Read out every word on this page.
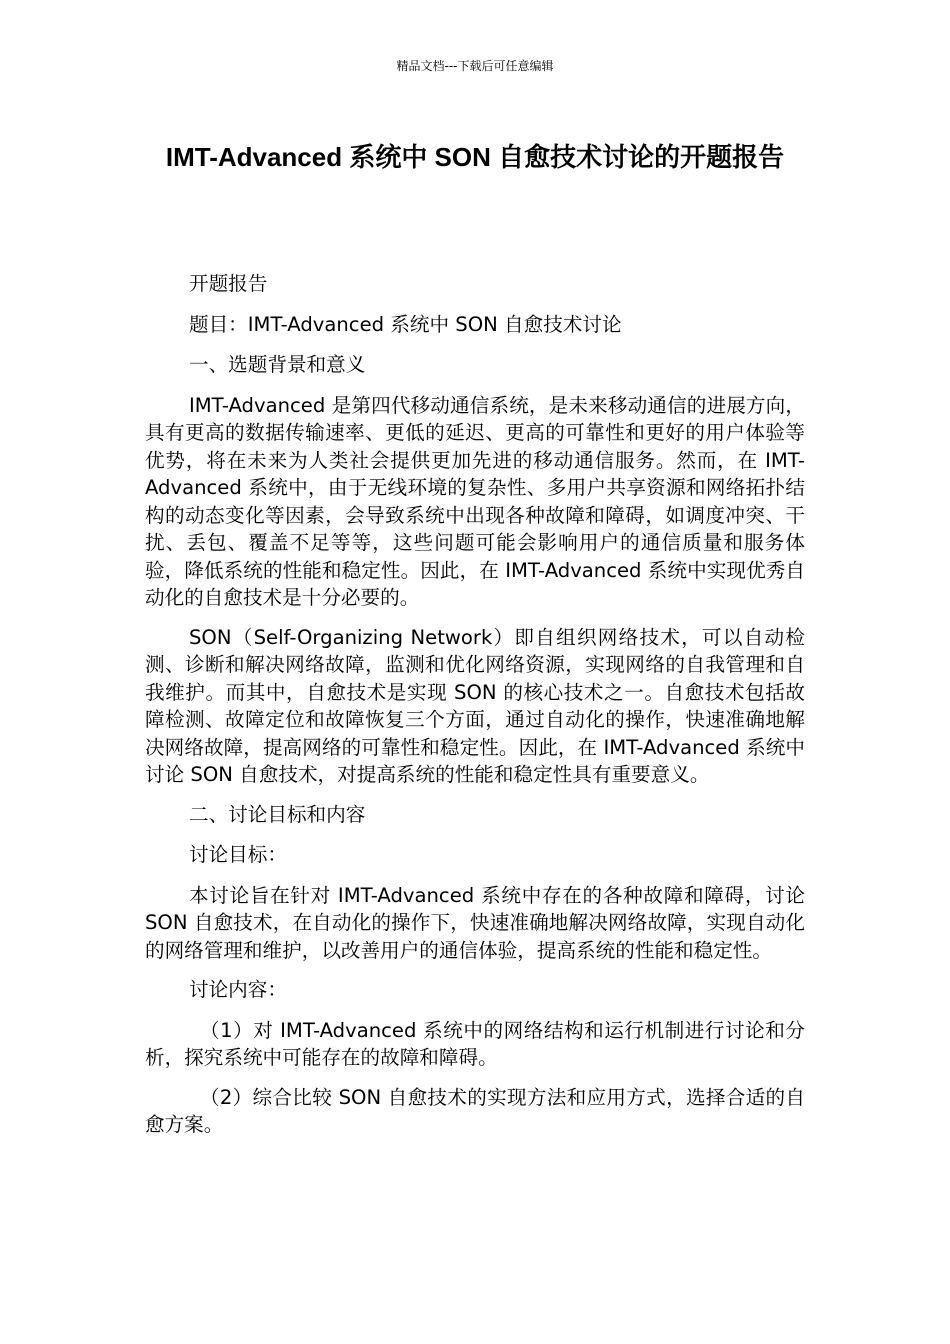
精品文档---下载后可任意编辑
IMT-Advanced 系统中 SON 自愈技术讨论的开题报告

开题报告

题目：IMT-Advanced 系统中 SON 自愈技术讨论

一、选题背景和意义

IMT-Advanced 是第四代移动通信系统，是未来移动通信的进展方向，具有更高的数据传输速率、更低的延迟、更高的可靠性和更好的用户体验等优势，将在未来为人类社会提供更加先进的移动通信服务。然而，在 IMT-Advanced 系统中，由于无线环境的复杂性、多用户共享资源和网络拓扑结构的动态变化等因素，会导致系统中出现各种故障和障碍，如调度冲突、干扰、丢包、覆盖不足等等，这些问题可能会影响用户的通信质量和服务体验，降低系统的性能和稳定性。因此，在 IMT-Advanced 系统中实现优秀自动化的自愈技术是十分必要的。

SON（Self-Organizing Network）即自组织网络技术，可以自动检测、诊断和解决网络故障，监测和优化网络资源，实现网络的自我管理和自我维护。而其中，自愈技术是实现 SON 的核心技术之一。自愈技术包括故障检测、故障定位和故障恢复三个方面，通过自动化的操作，快速准确地解决网络故障，提高网络的可靠性和稳定性。因此，在 IMT-Advanced 系统中讨论 SON 自愈技术，对提高系统的性能和稳定性具有重要意义。

二、讨论目标和内容

讨论目标：

本讨论旨在针对 IMT-Advanced 系统中存在的各种故障和障碍，讨论 SON 自愈技术，在自动化的操作下，快速准确地解决网络故障，实现自动化的网络管理和维护，以改善用户的通信体验，提高系统的性能和稳定性。

讨论内容：

（1）对 IMT-Advanced 系统中的网络结构和运行机制进行讨论和分析，探究系统中可能存在的故障和障碍。

（2）综合比较 SON 自愈技术的实现方法和应用方式，选择合适的自愈方案。
